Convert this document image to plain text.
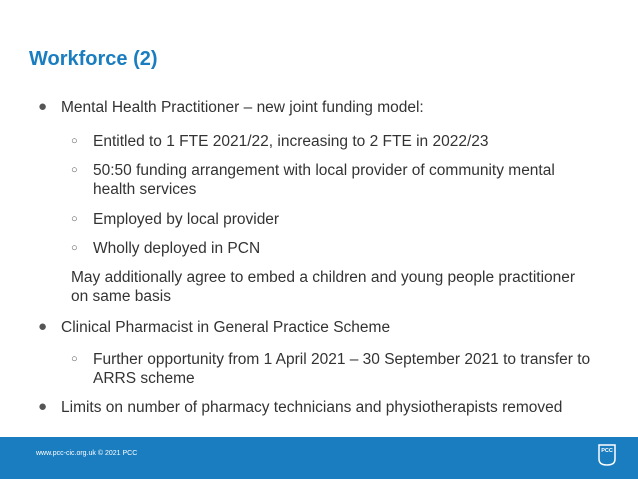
Workforce (2)
● Mental Health Practitioner – new joint funding model:
○ Entitled to 1 FTE 2021/22, increasing to 2 FTE in 2022/23
○ 50:50 funding arrangement with local provider of community mental
health services
○ Employed by local provider
○ Wholly deployed in PCN
May additionally agree to embed a children and young people practitioner
on same basis
● Clinical Pharmacist in General Practice Scheme
○ Further opportunity from 1 April 2021 – 30 September 2021 to transfer to
ARRS scheme
● Limits on number of pharmacy technicians and physiotherapists removed
www.pcc-cic.org.uk © 2021 PCC	PCC
